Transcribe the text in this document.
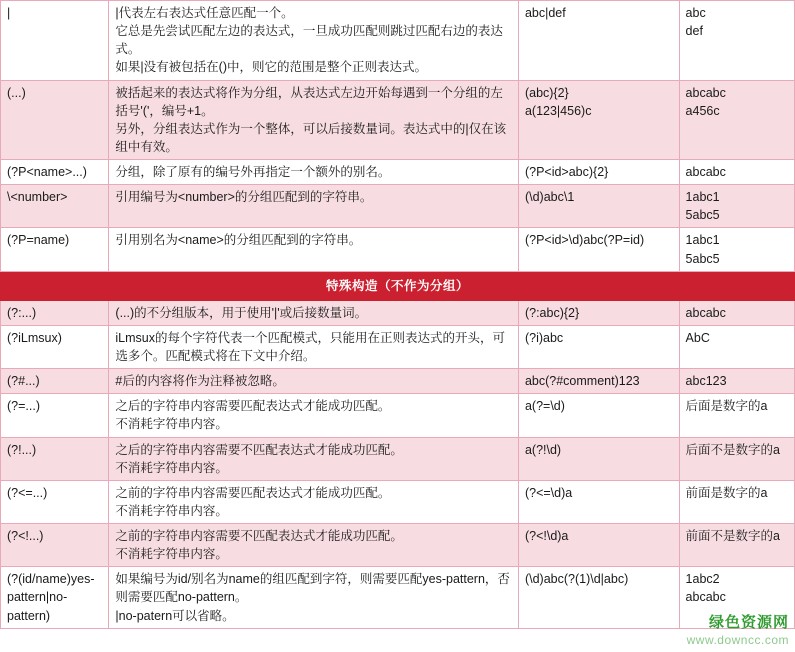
|	|代表左右表达式任意匹配一个。
它总是先尝试匹配左边的表达式，一旦成功匹配则跳过匹配右边的表达式。
如果|没有被包括在()中，则它的范围是整个正则表达式。	abc|def	abc
def

(...)	被括起来的表达式将作为分组，从表达式左边开始每遇到一个分组的左括号'('，编号+1。
另外，分组表达式作为一个整体，可以后接数量词。表达式中的|仅在该组中有效。	(abc){2}
a(123|456)c	abcabc
a456c

(?P<name>...)	分组，除了原有的编号外再指定一个额外的别名。	(?P<id>abc){2}	abcabc

\<number>	引用编号为<number>的分组匹配到的字符串。	(\d)abc\1	1abc1
5abc5

(?P=name)	引用别名为<name>的分组匹配到的字符串。	(?P<id>\d)abc(?P=id)	1abc1
5abc5

特殊构造（不作为分组）			
(?:...)	(...)的不分组版本，用于使用'|'或后接数量词。	(?:abc){2}	abcabc

(?iLmsux)	iLmsux的每个字符代表一个匹配模式，只能用在正则表达式的开头，可选多个。匹配模式将在下文中介绍。	(?i)abc	AbC

(?#...)	#后的内容将作为注释被忽略。	abc(?#comment)123	abc123

(?=...)	之后的字符串内容需要匹配表达式才能成功匹配。
不消耗字符串内容。	a(?=\d)	后面是数字的a

(?!...)	之后的字符串内容需要不匹配表达式才能成功匹配。
不消耗字符串内容。	a(?!\d)	后面不是数字的a

(?<=...)	之前的字符串内容需要匹配表达式才能成功匹配。
不消耗字符串内容。	(?<=\d)a	前面是数字的a

(?<!...)	之前的字符串内容需要不匹配表达式才能成功匹配。
不消耗字符串内容。	(?<!\d)a	前面不是数字的a

(?(id/name)yes-pattern|no-pattern)	如果编号为id/别名为name的组匹配到字符，则需要匹配yes-pattern，否则需要匹配no-pattern。
|no-patern可以省略。	(\d)abc(?(1)\d|abc)	1abc2
abcabc
绿色资源网
www.downcc.com
